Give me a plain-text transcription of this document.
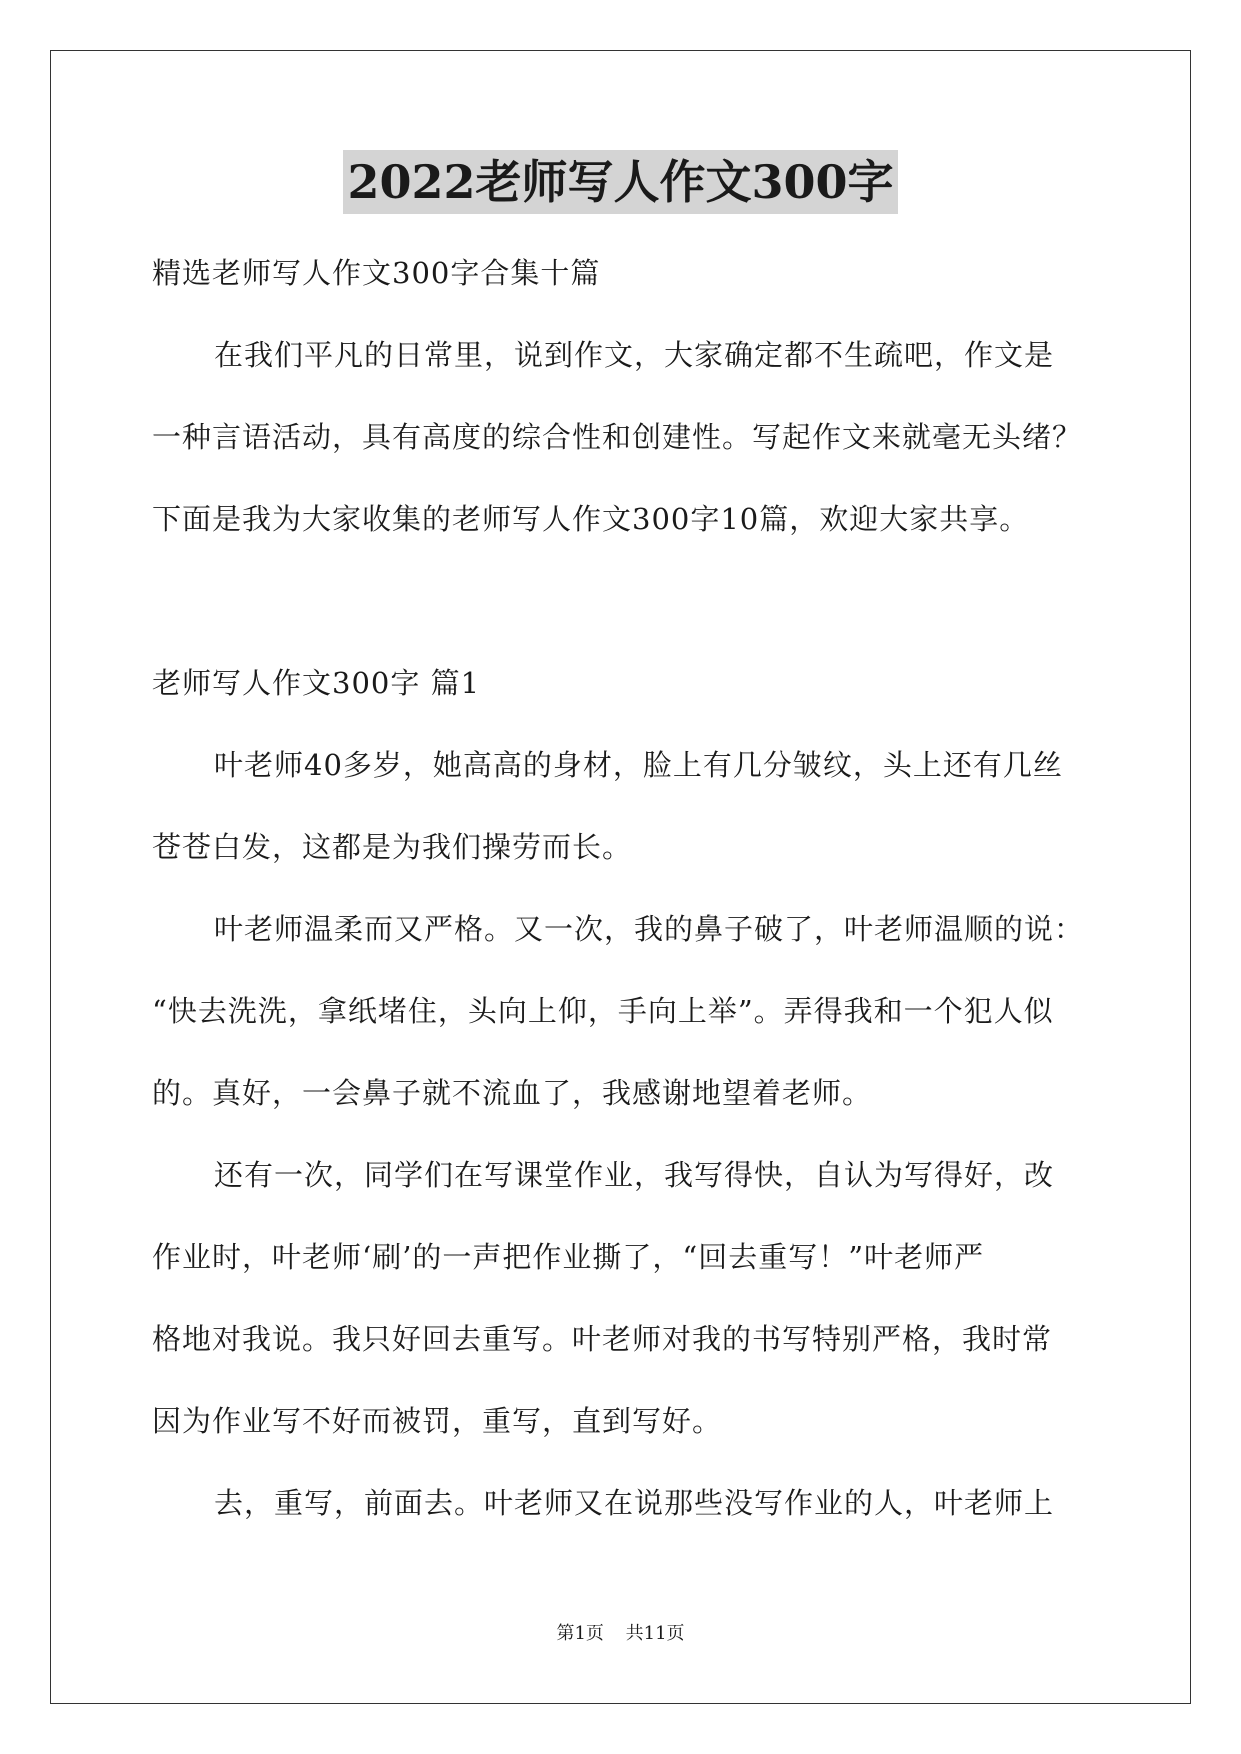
2022老师写人作文300字
精选老师写人作文300字合集十篇
在我们平凡的日常里，说到作文，大家确定都不生疏吧，作文是
一种言语活动，具有高度的综合性和创建性。写起作文来就毫无头绪？
下面是我为大家收集的老师写人作文300字10篇，欢迎大家共享。
老师写人作文300字 篇1
叶老师40多岁，她高高的身材，脸上有几分皱纹，头上还有几丝
苍苍白发，这都是为我们操劳而长。
叶老师温柔而又严格。又一次，我的鼻子破了，叶老师温顺的说：
“快去洗洗，拿纸堵住，头向上仰，手向上举”。弄得我和一个犯人似
的。真好，一会鼻子就不流血了，我感谢地望着老师。
还有一次，同学们在写课堂作业，我写得快，自认为写得好，改
作业时，叶老师‘刷’的一声把作业撕了，“回去重写！”叶老师严
格地对我说。我只好回去重写。叶老师对我的书写特别严格，我时常
因为作业写不好而被罚，重写，直到写好。
去，重写，前面去。叶老师又在说那些没写作业的人，叶老师上
第1页 共11页
